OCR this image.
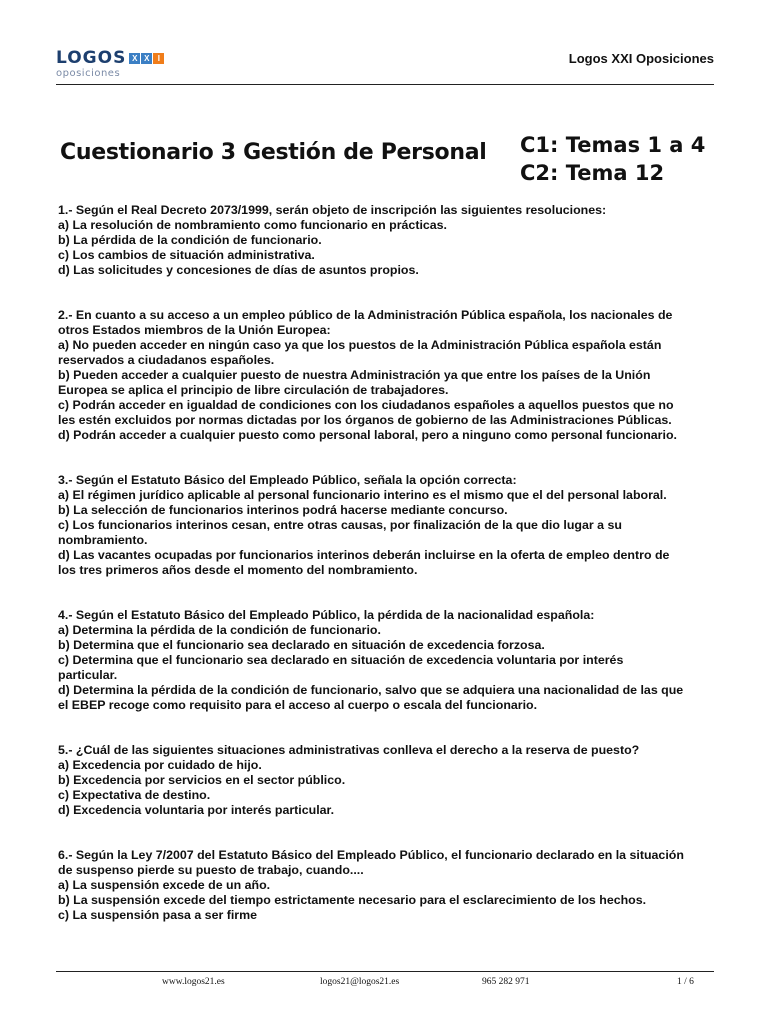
LOGOS X X	I
oposiciones
Logos XXI Oposiciones
Cuestionario 3 Gestión de Personal C1: Temas 1 a 4
C2: Tema 12
1.- Según el Real Decreto 2073/1999, serán objeto de inscripción las siguientes resoluciones:
a) La resolución de nombramiento como funcionario en prácticas.
b) La pérdida de la condición de funcionario.
c) Los cambios de situación administrativa.
d) Las solicitudes y concesiones de días de asuntos propios.
2.- En cuanto a su acceso a un empleo público de la Administración Pública española, los nacionales de
otros Estados miembros de la Unión Europea:
a) No pueden acceder en ningún caso ya que los puestos de la Administración Pública española están
reservados a ciudadanos españoles.
b) Pueden acceder a cualquier puesto de nuestra Administración ya que entre los países de la Unión
Europea se aplica el principio de libre circulación de trabajadores.
c) Podrán acceder en igualdad de condiciones con los ciudadanos españoles a aquellos puestos que no
les estén excluidos por normas dictadas por los órganos de gobierno de las Administraciones Públicas.
d) Podrán acceder a cualquier puesto como personal laboral, pero a ninguno como personal funcionario.
3.- Según el Estatuto Básico del Empleado Público, señala la opción correcta:
a) El régimen jurídico aplicable al personal funcionario interino es el mismo que el del personal laboral.
b) La selección de funcionarios interinos podrá hacerse mediante concurso.
c) Los funcionarios interinos cesan, entre otras causas, por finalización de la que dio lugar a su
nombramiento.
d) Las vacantes ocupadas por funcionarios interinos deberán incluirse en la oferta de empleo dentro de
los tres primeros años desde el momento del nombramiento.
4.- Según el Estatuto Básico del Empleado Público, la pérdida de la nacionalidad española:
a) Determina la pérdida de la condición de funcionario.
b) Determina que el funcionario sea declarado en situación de excedencia forzosa.
c) Determina que el funcionario sea declarado en situación de excedencia voluntaria por interés
particular.
d) Determina la pérdida de la condición de funcionario, salvo que se adquiera una nacionalidad de las que
el EBEP recoge como requisito para el acceso al cuerpo o escala del funcionario.
5.- ¿Cuál de las siguientes situaciones administrativas conlleva el derecho a la reserva de puesto?
a) Excedencia por cuidado de hijo.
b) Excedencia por servicios en el sector público.
c) Expectativa de destino.
d) Excedencia voluntaria por interés particular.
6.- Según la Ley 7/2007 del Estatuto Básico del Empleado Público, el funcionario declarado en la situación
de suspenso pierde su puesto de trabajo, cuando....
a) La suspensión excede de un año.
b) La suspensión excede del tiempo estrictamente necesario para el esclarecimiento de los hechos.
c) La suspensión pasa a ser firme
www.logos21.es	logos21@logos21.es	965 282 971	1 / 6
